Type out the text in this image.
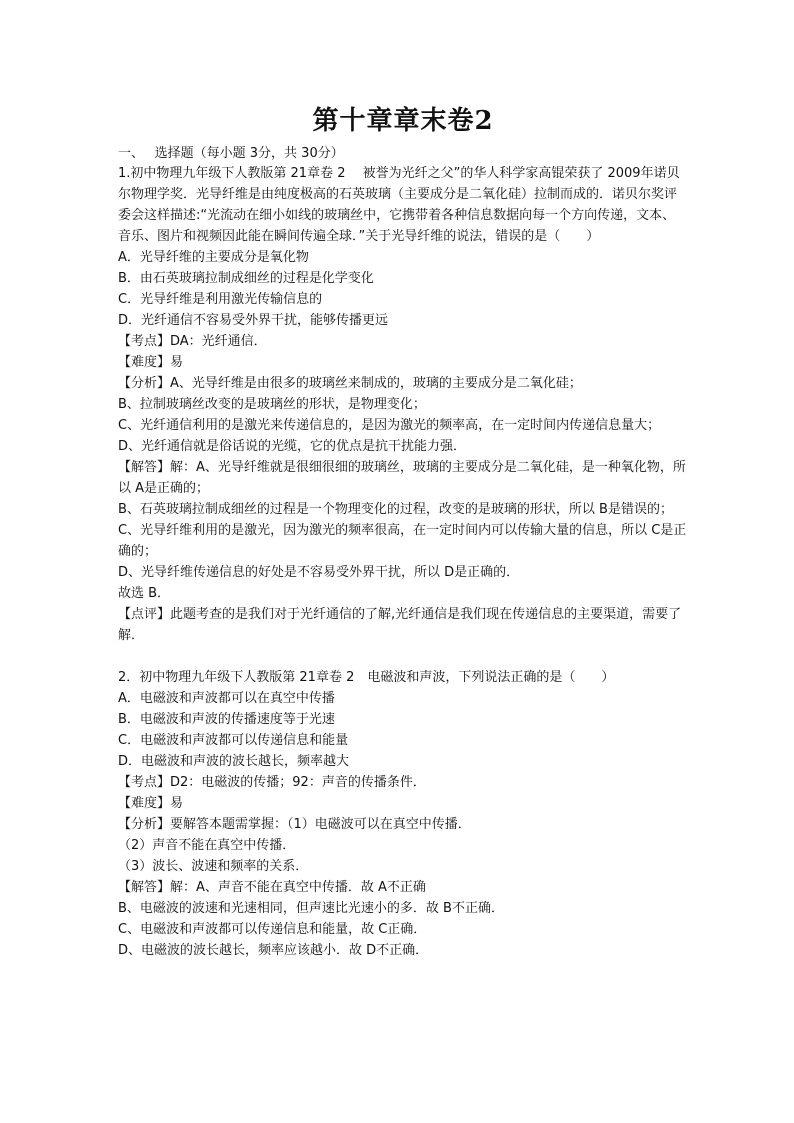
第十章章末卷2

一、　 选择题（每小题 3分，共 30分）

1.初中物理九年级下人教版第 21章卷 2　 被誉为光纤之父”的华人科学家高锟荣获了 2009年诺贝尔物理学奖．光导纤维是由纯度极高的石英玻璃（主要成分是二氧化硅）拉制而成的．诺贝尔奖评委会这样描述:“光流动在细小如线的玻璃丝中，它携带着各种信息数据向每一个方向传递，文本、音乐、图片和视频因此能在瞬间传遍全球．”关于光导纤维的说法，错误的是（　　）

A．光导纤维的主要成分是氧化物

B．由石英玻璃拉制成细丝的过程是化学变化

C．光导纤维是利用激光传输信息的

D．光纤通信不容易受外界干扰，能够传播更远

【考点】DA：光纤通信．

【难度】易

【分析】A、光导纤维是由很多的玻璃丝来制成的，玻璃的主要成分是二氧化硅；

B、拉制玻璃丝改变的是玻璃丝的形状，是物理变化；

C、光纤通信利用的是激光来传递信息的，是因为激光的频率高，在一定时间内传递信息量大；

D、光纤通信就是俗话说的光缆，它的优点是抗干扰能力强．

【解答】解：A、光导纤维就是很细很细的玻璃丝，玻璃的主要成分是二氧化硅，是一种氧化物，所以 A是正确的；

B、石英玻璃拉制成细丝的过程是一个物理变化的过程，改变的是玻璃的形状，所以 B是错误的；

C、光导纤维利用的是激光，因为激光的频率很高，在一定时间内可以传输大量的信息，所以 C是正确的；

D、光导纤维传递信息的好处是不容易受外界干扰，所以 D是正确的．

故选 B．

【点评】此题考查的是我们对于光纤通信的了解,光纤通信是我们现在传递信息的主要渠道，需要了解．

2．初中物理九年级下人教版第 21章卷 2　电磁波和声波，下列说法正确的是（　　）

A．电磁波和声波都可以在真空中传播

B．电磁波和声波的传播速度等于光速

C．电磁波和声波都可以传递信息和能量

D．电磁波和声波的波长越长，频率越大

【考点】D2：电磁波的传播；92：声音的传播条件．

【难度】易

【分析】要解答本题需掌握：（1）电磁波可以在真空中传播．

（2）声音不能在真空中传播．

（3）波长、波速和频率的关系．

【解答】解：A、声音不能在真空中传播．故 A不正确

B、电磁波的波速和光速相同，但声速比光速小的多．故 B不正确．

C、电磁波和声波都可以传递信息和能量，故 C正确．

D、电磁波的波长越长，频率应该越小．故 D不正确．
